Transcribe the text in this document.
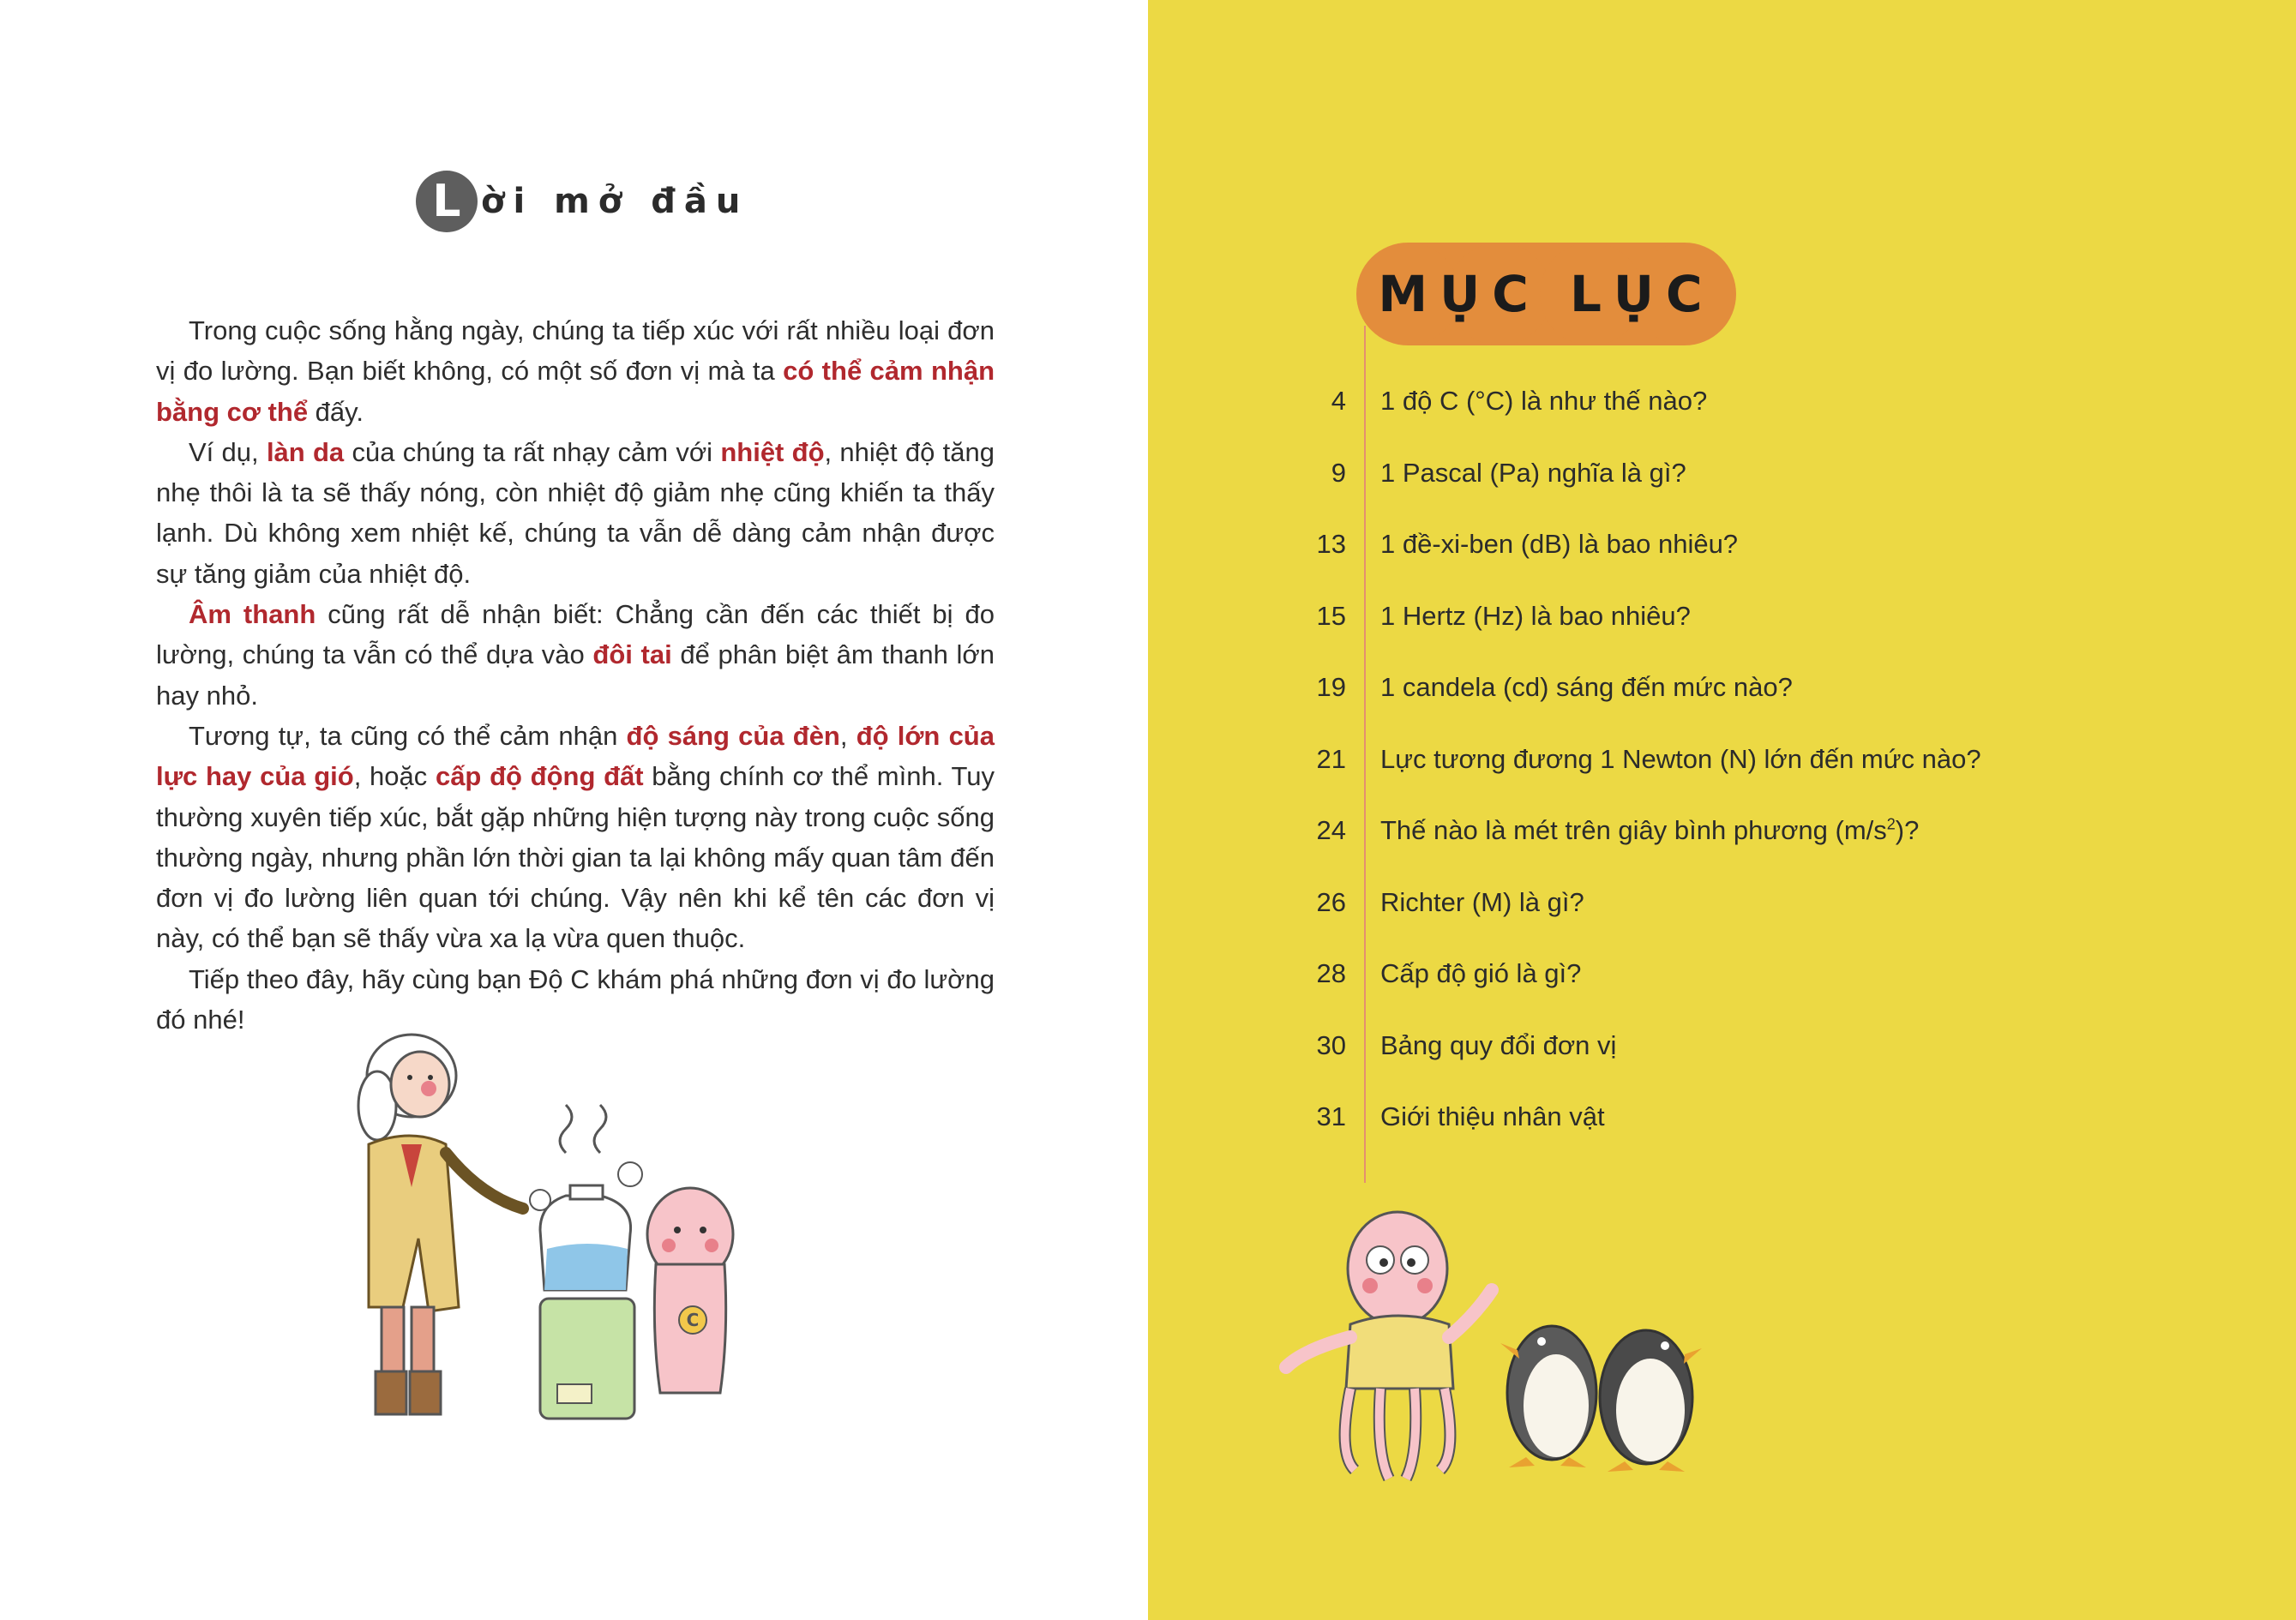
L ời mở đầu

Trong cuộc sống hằng ngày, chúng ta tiếp xúc với rất nhiều loại đơn vị đo lường. Bạn biết không, có một số đơn vị mà ta có thể cảm nhận bằng cơ thể đấy.

Ví dụ, làn da của chúng ta rất nhạy cảm với nhiệt độ, nhiệt độ tăng nhẹ thôi là ta sẽ thấy nóng, còn nhiệt độ giảm nhẹ cũng khiến ta thấy lạnh. Dù không xem nhiệt kế, chúng ta vẫn dễ dàng cảm nhận được sự tăng giảm của nhiệt độ.

Âm thanh cũng rất dễ nhận biết: Chẳng cần đến các thiết bị đo lường, chúng ta vẫn có thể dựa vào đôi tai để phân biệt âm thanh lớn hay nhỏ.

Tương tự, ta cũng có thể cảm nhận độ sáng của đèn, độ lớn của lực hay của gió, hoặc cấp độ động đất bằng chính cơ thể mình. Tuy thường xuyên tiếp xúc, bắt gặp những hiện tượng này trong cuộc sống thường ngày, nhưng phần lớn thời gian ta lại không mấy quan tâm đến đơn vị đo lường liên quan tới chúng. Vậy nên khi kể tên các đơn vị này, có thể bạn sẽ thấy vừa xa lạ vừa quen thuộc.

Tiếp theo đây, hãy cùng bạn Độ C khám phá những đơn vị đo lường đó nhé!

C
MỤC LỤC
4 1 độ C (°C) là như thế nào?
9 1 Pascal (Pa) nghĩa là gì?
13 1 đề-xi-ben (dB) là bao nhiêu?
15 1 Hertz (Hz) là bao nhiêu?
19 1 candela (cd) sáng đến mức nào?
21 Lực tương đương 1 Newton (N) lớn đến mức nào?
24 Thế nào là mét trên giây bình phương $(m/s^2)$?
26 Richter (M) là gì?
28 Cấp độ gió là gì?
30 Bảng quy đổi đơn vị
31 Giới thiệu nhân vật
